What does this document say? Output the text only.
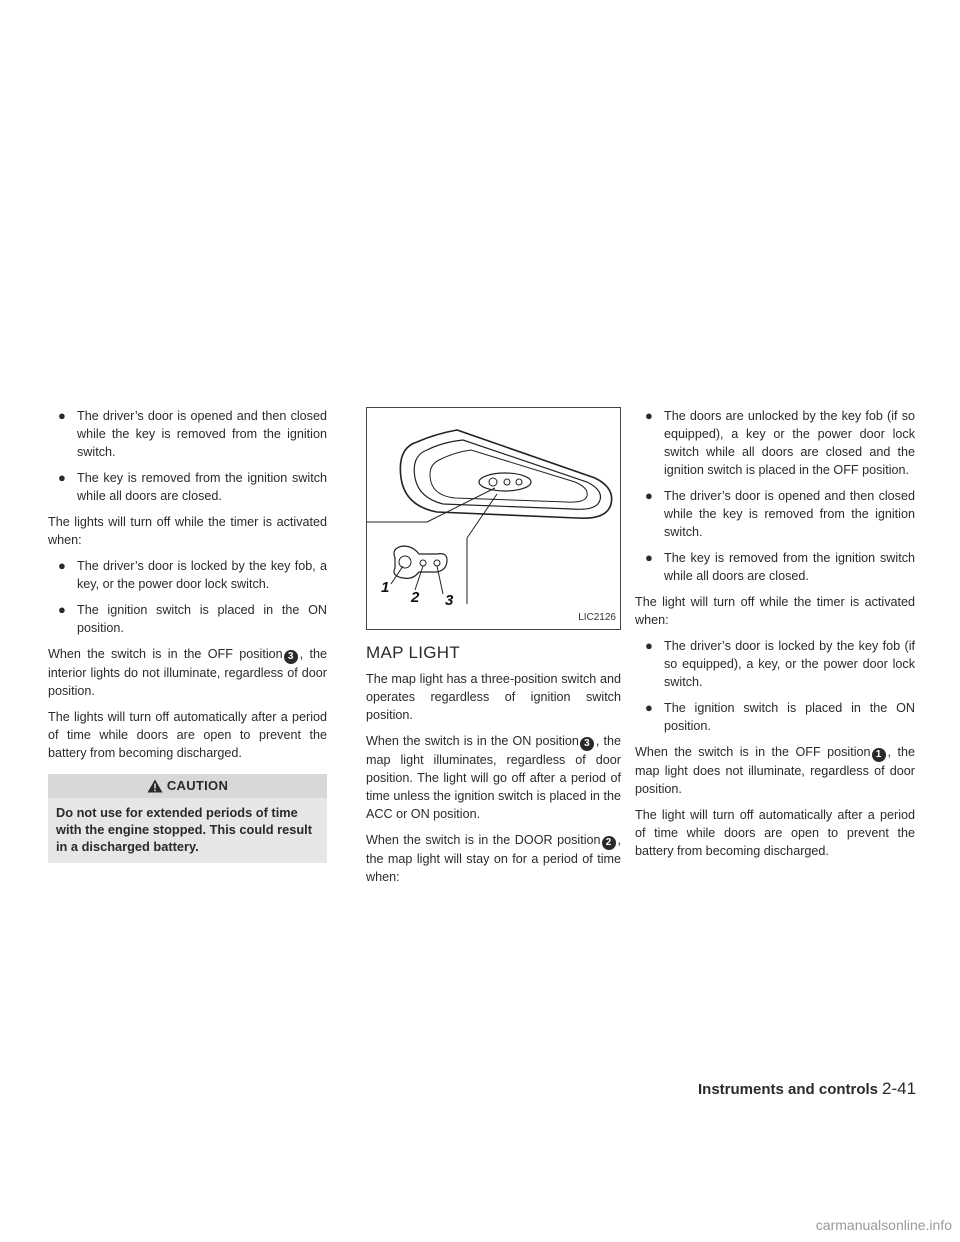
● The driver’s door is opened and then closed while the key is removed from the ignition switch.
● The key is removed from the ignition switch while all doors are closed.

The lights will turn off while the timer is activated when:

● The driver’s door is locked by the key fob, a key, or the power door lock switch.
● The ignition switch is placed in the ON position.

When the switch is in the OFF position 3 , the interior lights do not illuminate, regardless of door position.

The lights will turn off automatically after a period of time while doors are open to prevent the battery from becoming discharged.

CAUTION
Do not use for extended periods of time with the engine stopped. This could result in a discharged battery.
1
2 3
LIC2126
MAP LIGHT

The map light has a three-position switch and operates regardless of ignition switch position.

When the switch is in the ON position 3 , the map light illuminates, regardless of door position. The light will go off after a period of time unless the ignition switch is placed in the ACC or ON position.

When the switch is in the DOOR position 2 , the map light will stay on for a period of time when:

● The doors are unlocked by the key fob (if so equipped), a key or the power door lock switch while all doors are closed and the ignition switch is placed in the OFF position.
● The driver’s door is opened and then closed while the key is removed from the ignition switch.
● The key is removed from the ignition switch while all doors are closed.

The light will turn off while the timer is activated when:

● The driver’s door is locked by the key fob (if so equipped), a key, or the power door lock switch.
● The ignition switch is placed in the ON position.

When the switch is in the OFF position 1 , the map light does not illuminate, regardless of door position.

The light will turn off automatically after a period of time while doors are open to prevent the battery from becoming discharged.

Instruments and controls 2-41
carmanualsonline.info
